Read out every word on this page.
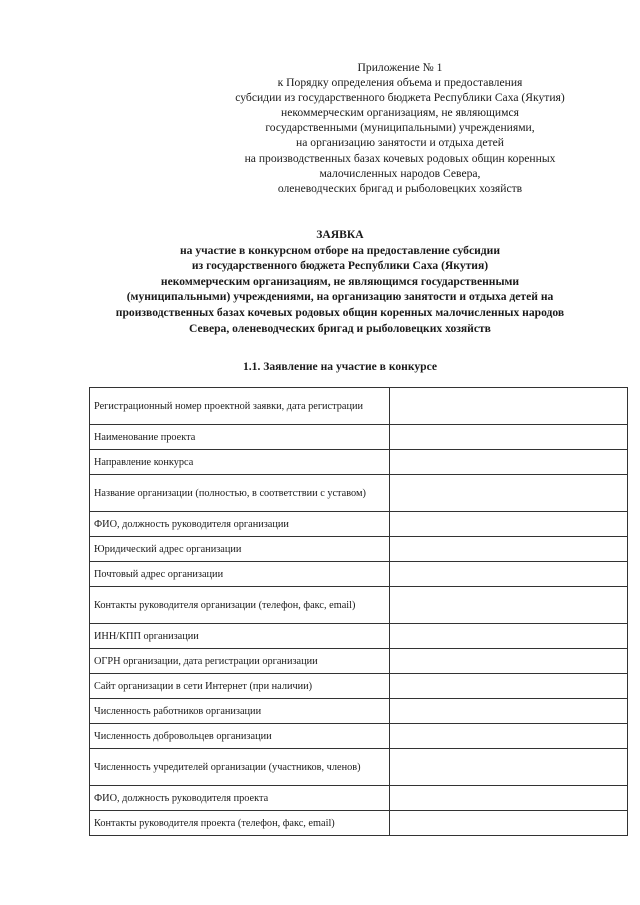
Приложение № 1
к Порядку определения объема и предоставления
субсидии из государственного бюджета Республики Саха (Якутия)
некоммерческим организациям, не являющимся
государственными (муниципальными) учреждениями,
на организацию занятости и отдыха детей
на производственных базах кочевых родовых общин коренных
малочисленных народов Севера,
оленеводческих бригад и рыболовецких хозяйств
ЗАЯВКА
на участие в конкурсном отборе на предоставление субсидии
из государственного бюджета Республики Саха (Якутия)
некоммерческим организациям, не являющимся государственными
(муниципальными) учреждениями, на организацию занятости и отдыха детей на
производственных базах кочевых родовых общин коренных малочисленных народов
Севера, оленеводческих бригад и рыболовецких хозяйств
1.1. Заявление на участие в конкурсе
Регистрационный номер проектной заявки, дата регистрации	
Наименование проекта	
Направление конкурса	
Название организации (полностью, в соответствии с уставом)	
ФИО, должность руководителя организации	
Юридический адрес организации	
Почтовый адрес организации	
Контакты руководителя организации (телефон, факс, email)	
ИНН/КПП организации	
ОГРН организации, дата регистрации организации	
Сайт организации в сети Интернет (при наличии)	
Численность работников организации	
Численность добровольцев организации	
Численность учредителей организации (участников, членов)	
ФИО, должность руководителя проекта	
Контакты руководителя проекта (телефон, факс, email)	
